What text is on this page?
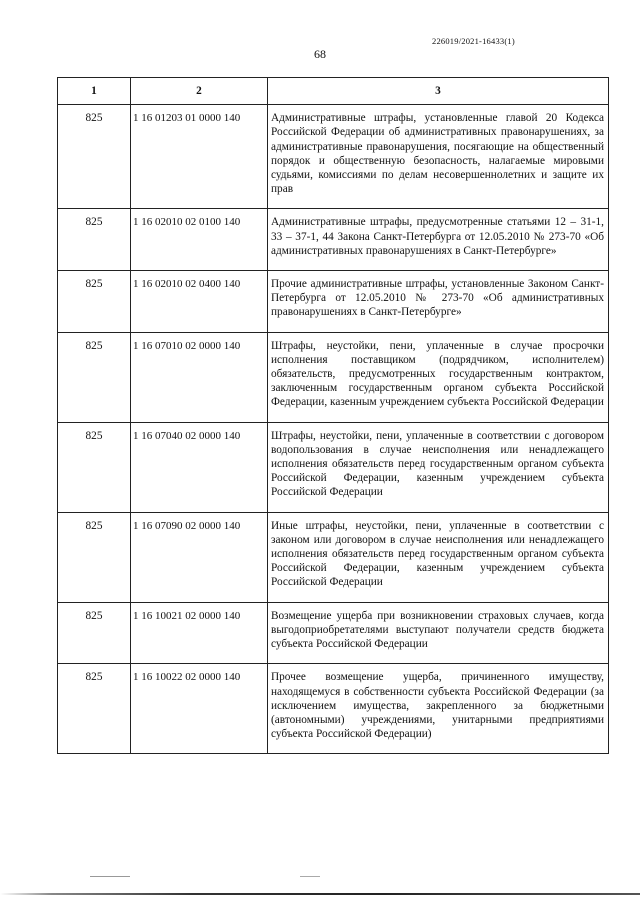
226019/2021-16433(1)
68
1	2	3
825	1 16 01203 01 0000 140	Административные штрафы, установленные главой 20 Кодекса Российской Федерации об административных правонарушениях, за административные правонарушения, посягающие на общественный порядок и общественную безопасность, налагаемые мировыми судьями, комиссиями по делам несовершеннолетних и защите их прав
825	1 16 02010 02 0100 140	Административные штрафы, предусмотренные статьями 12 – 31-1, 33 – 37-1, 44 Закона Санкт-Петербурга от 12.05.2010 № 273-70 «Об административных правонарушениях в Санкт-Петербурге»
825	1 16 02010 02 0400 140	Прочие административные штрафы, установленные Законом Санкт-Петербурга от 12.05.2010 № 273-70 «Об административных правонарушениях в Санкт-Петербурге»
825	1 16 07010 02 0000 140	Штрафы, неустойки, пени, уплаченные в случае просрочки исполнения поставщиком (подрядчиком, исполнителем) обязательств, предусмотренных государственным контрактом, заключенным государственным органом субъекта Российской Федерации, казенным учреждением субъекта Российской Федерации
825	1 16 07040 02 0000 140	Штрафы, неустойки, пени, уплаченные в соответствии с договором водопользования в случае неисполнения или ненадлежащего исполнения обязательств перед государственным органом субъекта Российской Федерации, казенным учреждением субъекта Российской Федерации
825	1 16 07090 02 0000 140	Иные штрафы, неустойки, пени, уплаченные в соответствии с законом или договором в случае неисполнения или ненадлежащего исполнения обязательств перед государственным органом субъекта Российской Федерации, казенным учреждением субъекта Российской Федерации
825	1 16 10021 02 0000 140	Возмещение ущерба при возникновении страховых случаев, когда выгодоприобретателями выступают получатели средств бюджета субъекта Российской Федерации
825	1 16 10022 02 0000 140	Прочее возмещение ущерба, причиненного имуществу, находящемуся в собственности субъекта Российской Федерации (за исключением имущества, закрепленного за бюджетными (автономными) учреждениями, унитарными предприятиями субъекта Российской Федерации)
